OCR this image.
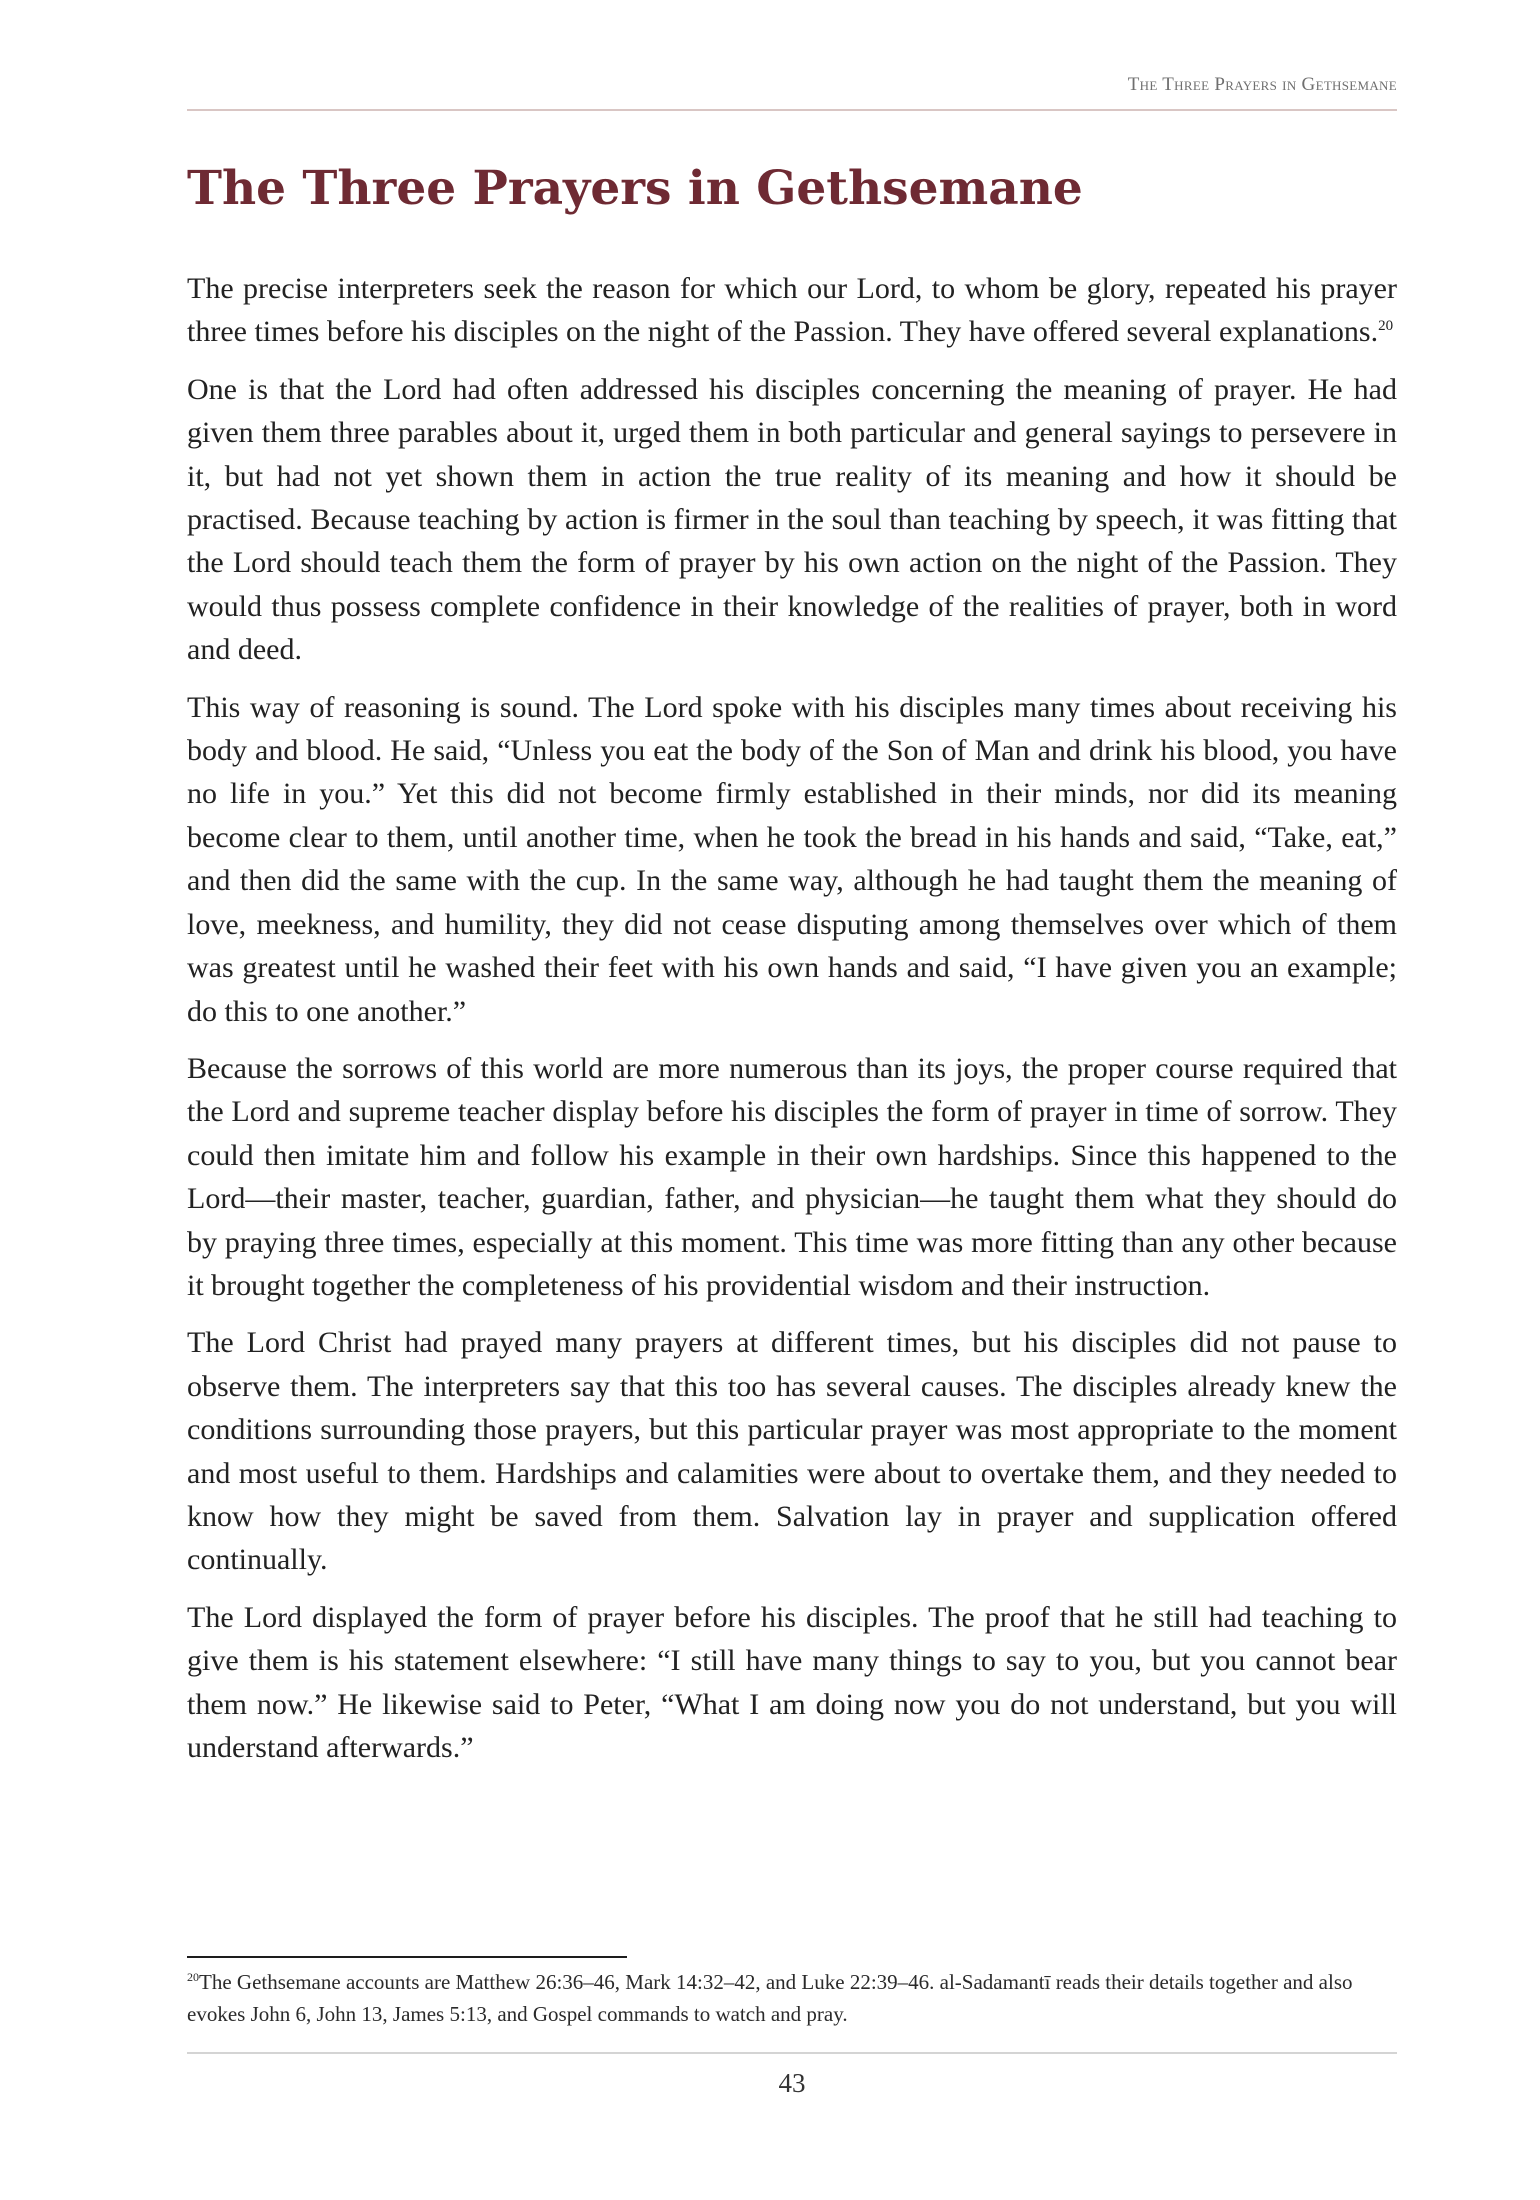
The Three Prayers in Gethsemane
The Three Prayers in Gethsemane

The precise interpreters seek the reason for which our Lord, to whom be glory, repeated his prayer three times before his disciples on the night of the Passion. They have offered several explanations.$^{20}$

One is that the Lord had often addressed his disciples concerning the meaning of prayer. He had given them three parables about it, urged them in both particular and general sayings to persevere in it, but had not yet shown them in action the true reality of its meaning and how it should be practised. Because teaching by action is firmer in the soul than teaching by speech, it was fitting that the Lord should teach them the form of prayer by his own action on the night of the Passion. They would thus possess complete confidence in their knowledge of the realities of prayer, both in word and deed.

This way of reasoning is sound. The Lord spoke with his disciples many times about receiving his body and blood. He said, “Unless you eat the body of the Son of Man and drink his blood, you have no life in you.” Yet this did not become firmly established in their minds, nor did its meaning become clear to them, until another time, when he took the bread in his hands and said, “Take, eat,” and then did the same with the cup. In the same way, although he had taught them the meaning of love, meekness, and humility, they did not cease disputing among themselves over which of them was greatest until he washed their feet with his own hands and said, “I have given you an example; do this to one another.”

Because the sorrows of this world are more numerous than its joys, the proper course required that the Lord and supreme teacher display before his disciples the form of prayer in time of sorrow. They could then imitate him and follow his example in their own hardships. Since this happened to the Lord—their master, teacher, guardian, father, and physician—he taught them what they should do by praying three times, especially at this moment. This time was more fitting than any other because it brought together the completeness of his providential wisdom and their instruction.

The Lord Christ had prayed many prayers at different times, but his disciples did not pause to observe them. The interpreters say that this too has several causes. The disciples already knew the conditions surrounding those prayers, but this particular prayer was most appropriate to the moment and most useful to them. Hardships and calamities were about to overtake them, and they needed to know how they might be saved from them. Salvation lay in prayer and supplication offered continually.

The Lord displayed the form of prayer before his disciples. The proof that he still had teaching to give them is his statement elsewhere: “I still have many things to say to you, but you cannot bear them now.” He likewise said to Peter, “What I am doing now you do not understand, but you will understand afterwards.”

$^{20}$The Gethsemane accounts are Matthew 26:36–46, Mark 14:32–42, and Luke 22:39–46. al-Sadamantī reads their details together and also evokes John 6, John 13, James 5:13, and Gospel commands to watch and pray.
43
